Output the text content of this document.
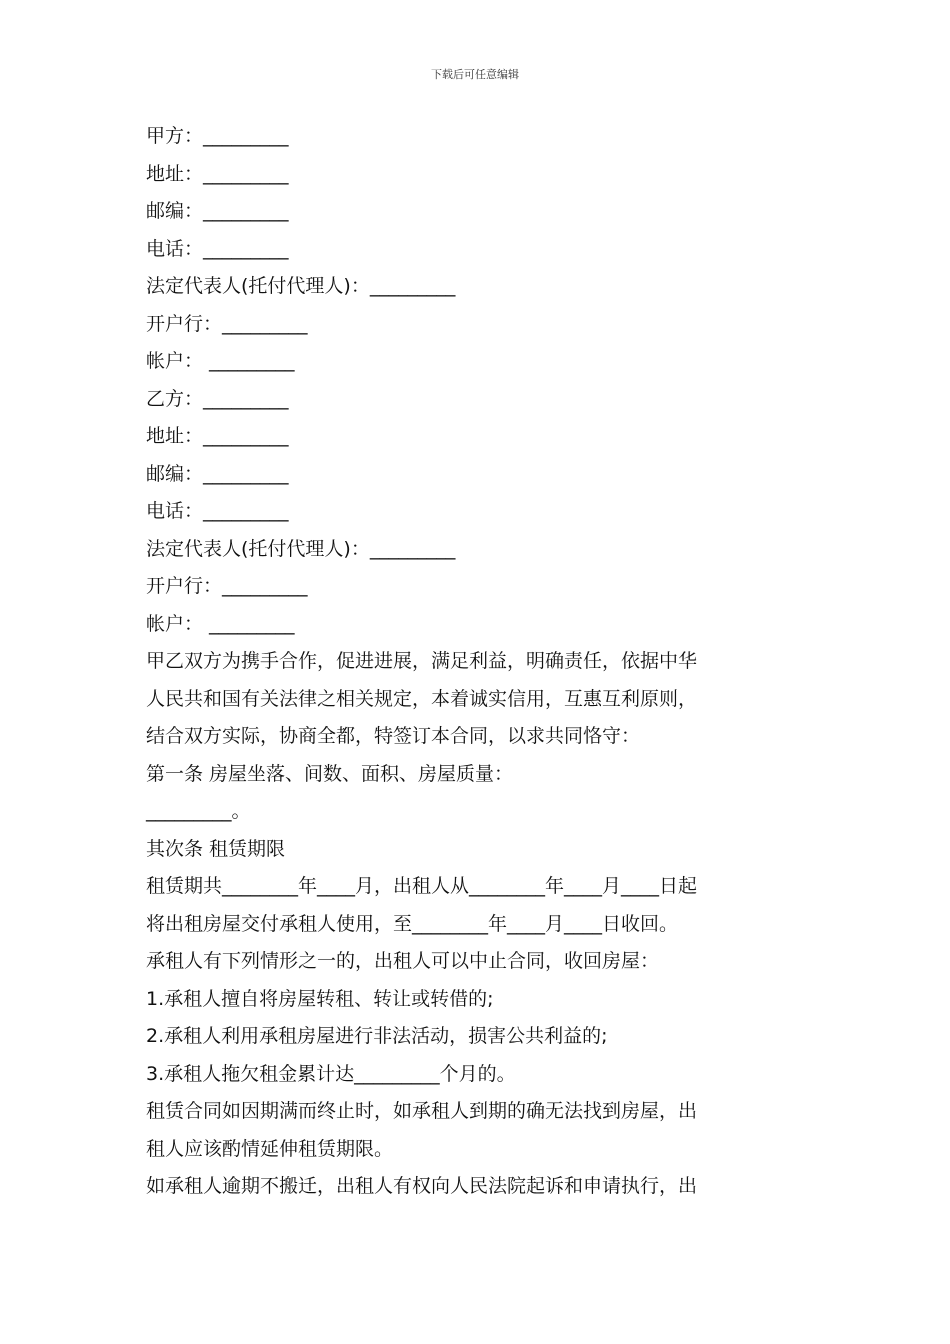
下载后可任意编辑
甲方：_________
地址：_________
邮编：_________
电话：_________
法定代表人(托付代理人)：_________
开户行：_________
帐户： _________
乙方：_________
地址：_________
邮编：_________
电话：_________
法定代表人(托付代理人)：_________
开户行：_________
帐户： _________
甲乙双方为携手合作，促进进展，满足利益，明确责任，依据中华
人民共和国有关法律之相关规定，本着诚实信用，互惠互利原则，
结合双方实际，协商全都，特签订本合同，以求共同恪守：
第一条 房屋坐落、间数、面积、房屋质量：
_________。
其次条 租赁期限
租赁期共________年____月，出租人从________年____月____日起
将出租房屋交付承租人使用，至________年____月____日收回。
承租人有下列情形之一的，出租人可以中止合同，收回房屋：
1.承租人擅自将房屋转租、转让或转借的;
2.承租人利用承租房屋进行非法活动，损害公共利益的;
3.承租人拖欠租金累计达_________个月的。
租赁合同如因期满而终止时，如承租人到期的确无法找到房屋，出
租人应该酌情延伸租赁期限。
如承租人逾期不搬迁，出租人有权向人民法院起诉和申请执行，出
